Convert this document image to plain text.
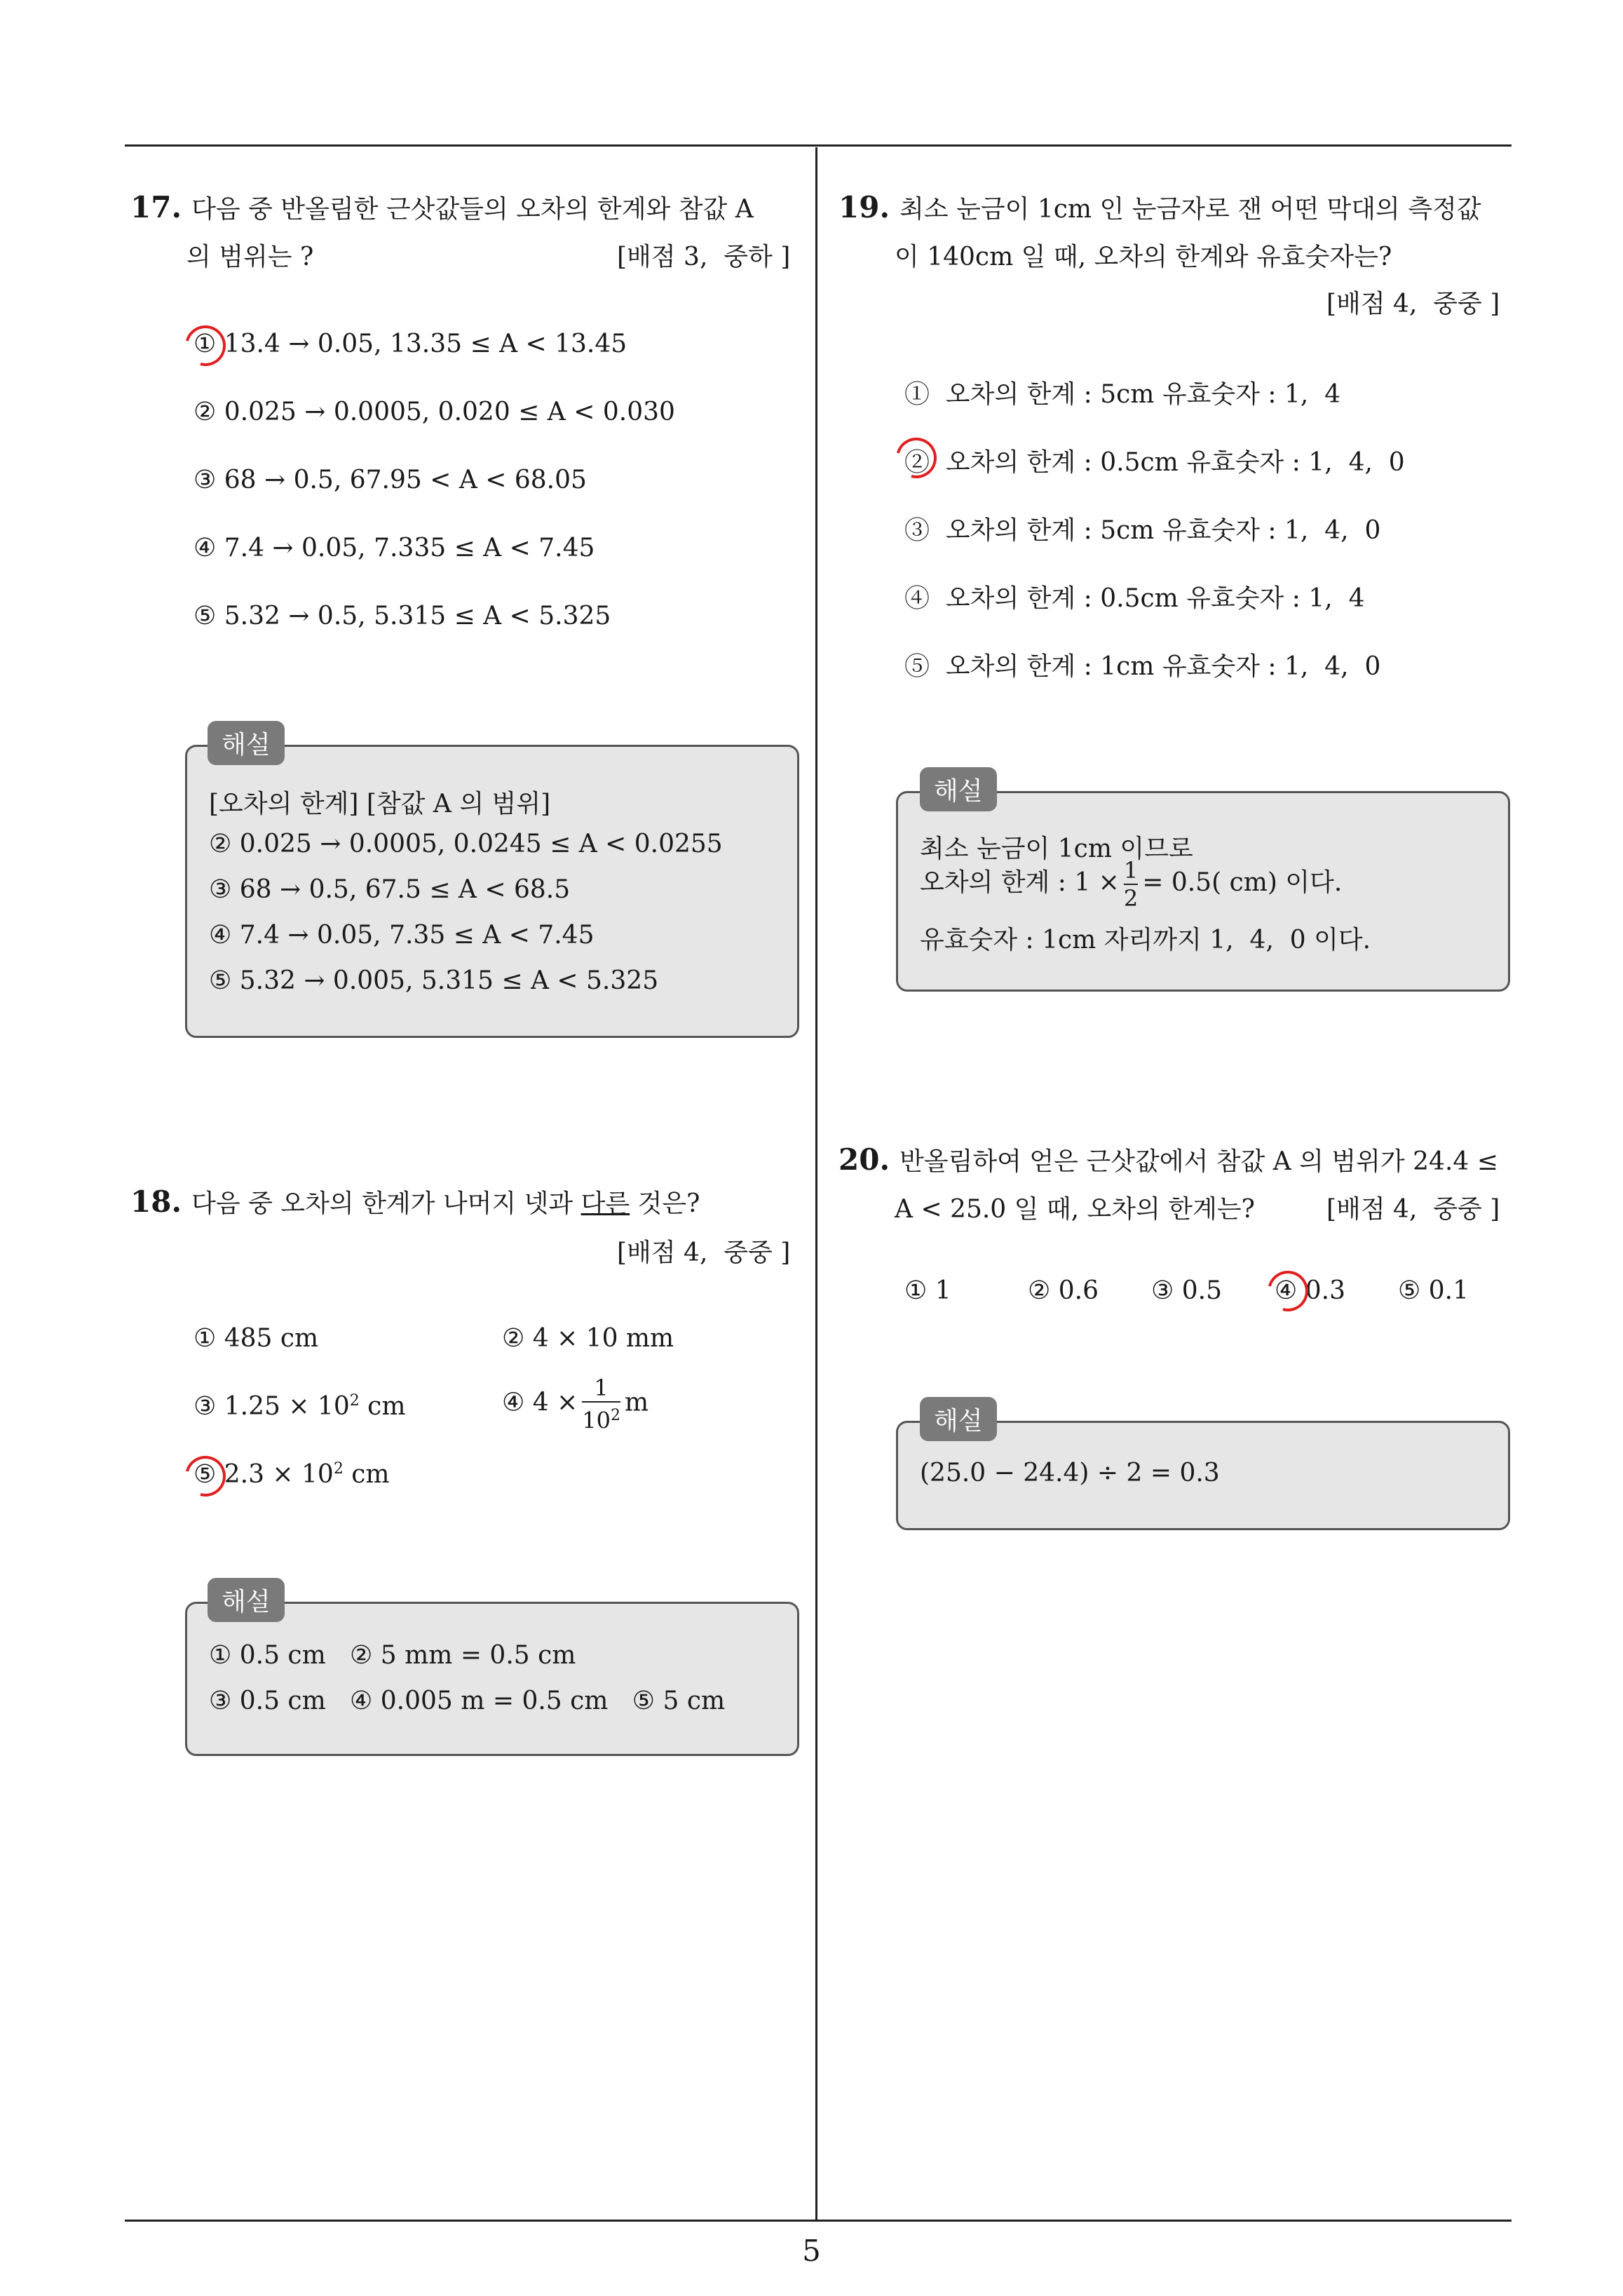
5
17. 다음 중 반올림한 근삿값들의 오차의 한계와 참값 A
의 범위는 ?	[배점 3,  중하 ]
① 13.4 → 0.05, 13.35 ≤ A < 13.45
② 0.025 → 0.0005, 0.020 ≤ A < 0.030
③ 68 → 0.5, 67.95 < A < 68.05
④ 7.4 → 0.05, 7.335 ≤ A < 7.45
⑤ 5.32 → 0.5, 5.315 ≤ A < 5.325
해설
[오차의 한계] [참값 A 의 범위]
② 0.025 → 0.0005, 0.0245 ≤ A < 0.0255
③ 68 → 0.5, 67.5 ≤ A < 68.5
④ 7.4 → 0.05, 7.35 ≤ A < 7.45
⑤ 5.32 → 0.005, 5.315 ≤ A < 5.325
18. 다음 중 오차의 한계가 나머지 넷과 다른 것은?
[배점 4,  중중 ]
① 485 cm	② 4 × 10 mm
③ $1.25 \times 10^2$ cm	④ $4 \times \frac{1}{10^2}$ m
⑤ $2.3 \times 10^2$ cm
해설
① 0.5 cm   ② 5 mm = 0.5 cm
③ 0.5 cm   ④ 0.005 m = 0.5 cm   ⑤ 5 cm
19. 최소 눈금이 1cm 인 눈금자로 잰 어떤 막대의 측정값
이 140cm 일 때, 오차의 한계와 유효숫자는?
[배점 4,  중중 ]
①  오차의 한계 : 5cm 유효숫자 : 1,  4
②  오차의 한계 : 0.5cm 유효숫자 : 1,  4,  0
③  오차의 한계 : 5cm 유효숫자 : 1,  4,  0
④  오차의 한계 : 0.5cm 유효숫자 : 1,  4
⑤  오차의 한계 : 1cm 유효숫자 : 1,  4,  0
해설
최소 눈금이 1cm 이므로
오차의 한계 : $1 \times \frac{1}{2} = 0.5$( cm) 이다.
유효숫자 : 1cm 자리까지 1,  4,  0 이다.
20. 반올림하여 얻은 근삿값에서 참값 A 의 범위가 24.4 ≤
A < 25.0 일 때, 오차의 한계는?	[배점 4,  중중 ]
① 1	② 0.6 ③ 0.5 ④ 0.3 ⑤ 0.1
해설
(25.0 − 24.4) ÷ 2 = 0.3
